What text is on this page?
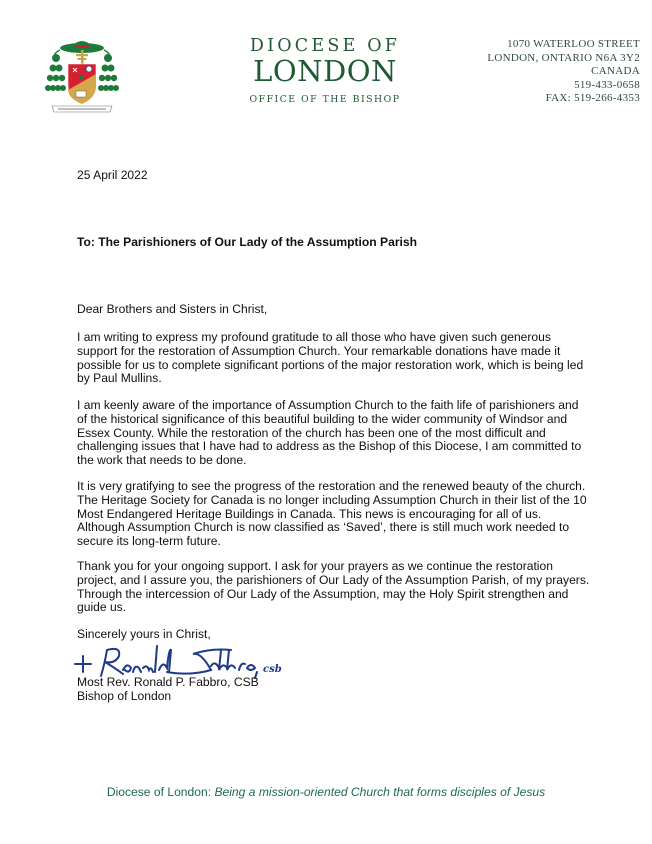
DIOCESE OF
LONDON
OFFICE OF THE BISHOP
1070 WATERLOO STREET
LONDON, ONTARIO N6A 3Y2
CANADA
519-433-0658
FAX: 519-266-4353

25 April 2022

To: The Parishioners of Our Lady of the Assumption Parish

Dear Brothers and Sisters in Christ,

I am writing to express my profound gratitude to all those who have given such generous
support for the restoration of Assumption Church. Your remarkable donations have made it
possible for us to complete significant portions of the major restoration work, which is being led
by Paul Mullins.
I am keenly aware of the importance of Assumption Church to the faith life of parishioners and
of the historical significance of this beautiful building to the wider community of Windsor and
Essex County. While the restoration of the church has been one of the most difficult and
challenging issues that I have had to address as the Bishop of this Diocese, I am committed to
the work that needs to be done.
It is very gratifying to see the progress of the restoration and the renewed beauty of the church.
The Heritage Society for Canada is no longer including Assumption Church in their list of the 10
Most Endangered Heritage Buildings in Canada. This news is encouraging for all of us.
Although Assumption Church is now classified as ‘Saved’, there is still much work needed to
secure its long-term future.
Thank you for your ongoing support. I ask for your prayers as we continue the restoration
project, and I assure you, the parishioners of Our Lady of the Assumption Parish, of my prayers.
Through the intercession of Our Lady of the Assumption, may the Holy Spirit strengthen and
guide us.

Sincerely yours in Christ,

csb

Most Rev. Ronald P. Fabbro, CSB

Bishop of London

Diocese of London: Being a mission-oriented Church that forms disciples of Jesus
